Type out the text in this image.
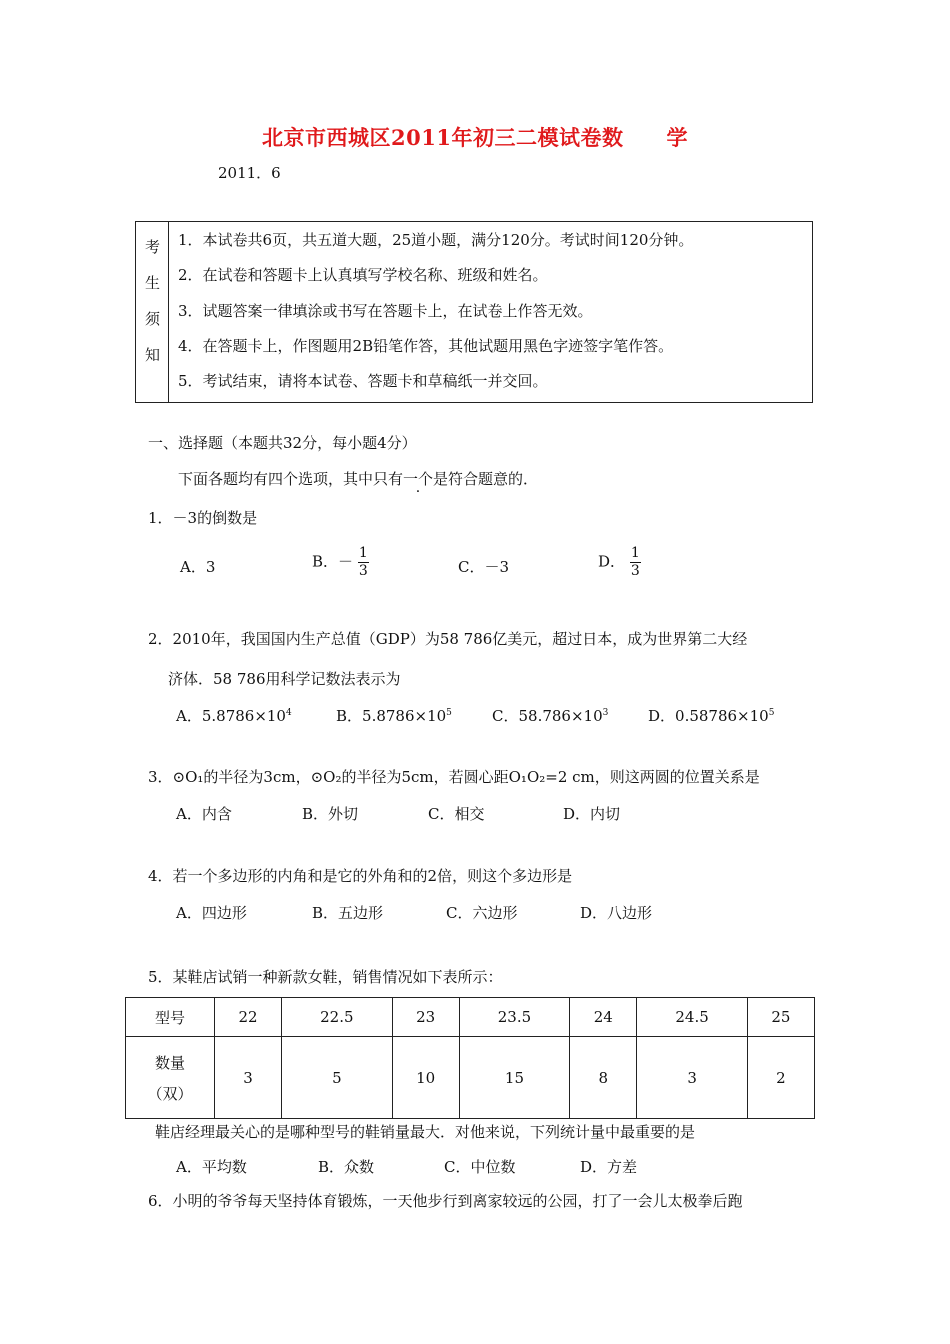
北京市西城区2011年初三二模试卷数　　学
2011．6
考
生
须
知
1．本试卷共6页，共五道大题，25道小题，满分120分。考试时间120分钟。
2．在试卷和答题卡上认真填写学校名称、班级和姓名。
3．试题答案一律填涂或书写在答题卡上，在试卷上作答无效。
4．在答题卡上，作图题用2B铅笔作答，其他试题用黑色字迹签字笔作答。
5．考试结束，请将本试卷、答题卡和草稿纸一并交回。
一、选择题（本题共32分，每小题4分）
下面各题均有四个选项，其中只有一个是符合题意的．
1．－3的倒数是
A．3	B．－ $\frac{1}{3}$	C．－3	D． $\frac{1}{3}$
2．2010年，我国国内生产总值（GDP）为58 786亿美元，超过日本，成为世界第二大经
济体．58 786用科学记数法表示为
A．$5.8786\times 10^4$	B．$5.8786\times 10^5$	C．$58.786\times 10^3$	D．$0.58786\times 10^5$
3．⊙O₁的半径为3cm，⊙O₂的半径为5cm，若圆心距O₁O₂=2 cm，则这两圆的位置关系是
A．内含	B．外切	C．相交	D．内切
4．若一个多边形的内角和是它的外角和的2倍，则这个多边形是
A．四边形	B．五边形	C．六边形	D．八边形
5．某鞋店试销一种新款女鞋，销售情况如下表所示：
型号	22	22.5	23	23.5	24	24.5	25

数量
（双）	3	5	10	15	8	3	2
鞋店经理最关心的是哪种型号的鞋销量最大．对他来说，下列统计量中最重要的是
A．平均数	B．众数	C．中位数	D．方差
6．小明的爷爷每天坚持体育锻炼，一天他步行到离家较远的公园，打了一会儿太极拳后跑
